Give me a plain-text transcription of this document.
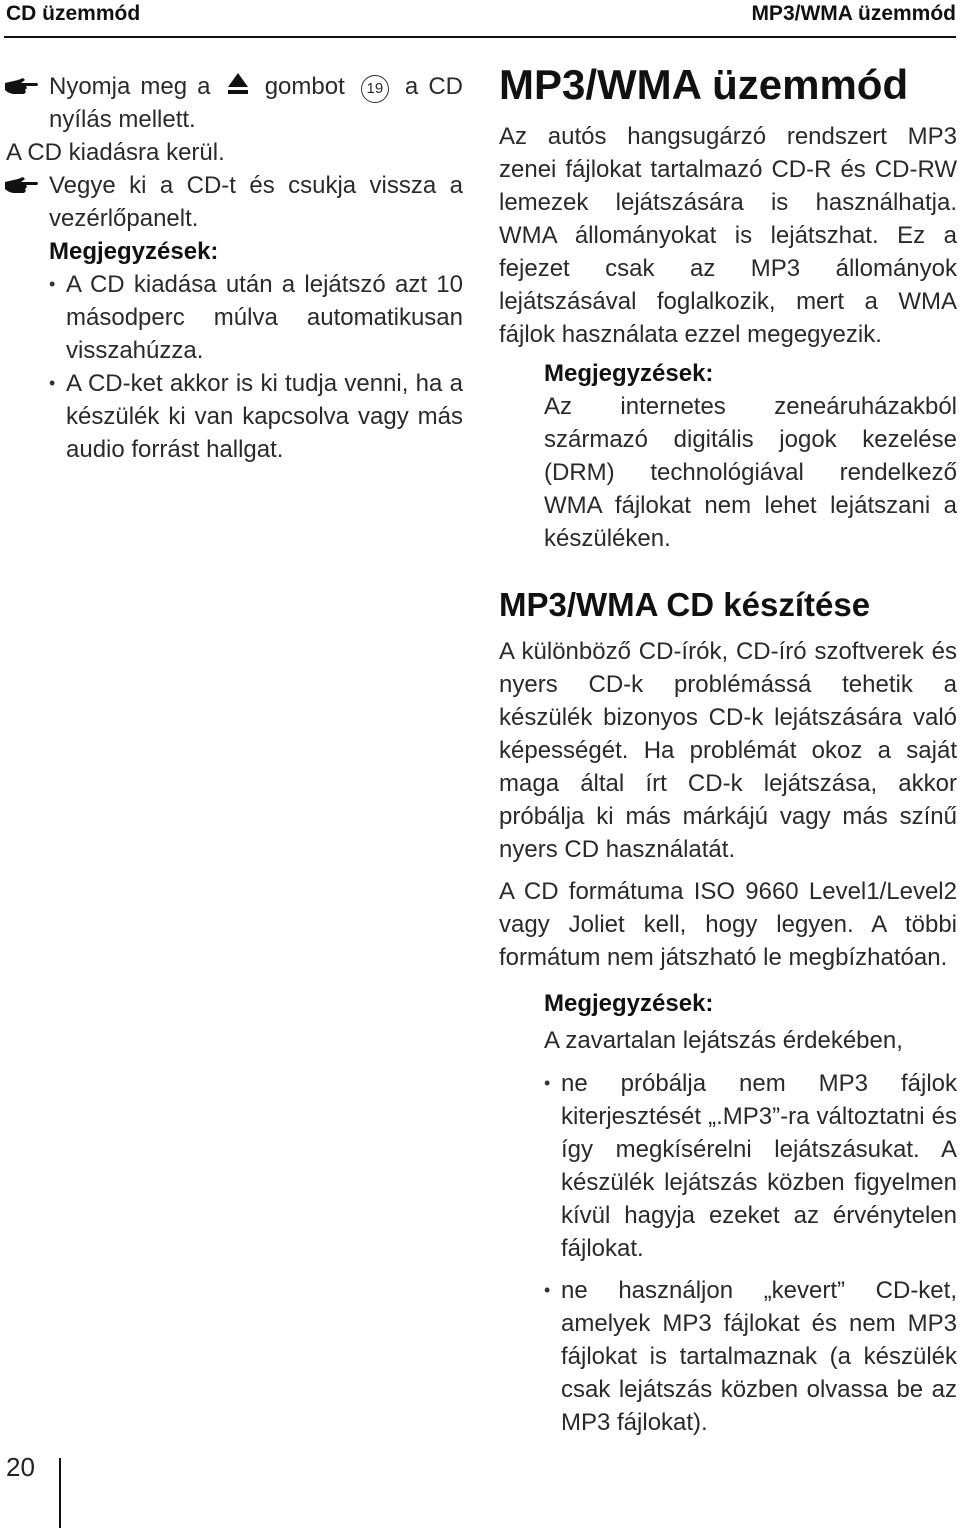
CD üzemmód	MP3/WMA üzemmód

Nyomja meg a gombot 19 a CD nyílás mellett.

A CD kiadásra kerül.

Vegye ki a CD-t és csukja vissza a vezérlőpanelt.

Megjegyzések:

• A CD kiadása után a lejátszó azt 10 másodperc múlva automatikusan visszahúzza.

• A CD-ket akkor is ki tudja venni, ha a készülék ki van kapcsolva vagy más audio forrást hallgat.

MP3/WMA üzemmód

Az autós hangsugárzó rendszert MP3 zenei fájlokat tartalmazó CD-R és CD-RW lemezek lejátszására is használhatja. WMA állományokat is lejátszhat. Ez a fejezet csak az MP3 állományok lejátszásával foglalkozik, mert a WMA fájlok használata ezzel megegyezik.

Megjegyzések:

Az internetes zeneáruházakból származó digitális jogok kezelése (DRM) technológiával rendelkező WMA fájlokat nem lehet lejátszani a készüléken.

MP3/WMA CD készítése

A különböző CD-írók, CD-író szoftverek és nyers CD-k problémássá tehetik a készülék bizonyos CD-k lejátszására való képességét. Ha problémát okoz a saját maga által írt CD-k lejátszása, akkor próbálja ki más márkájú vagy más színű nyers CD használatát.

A CD formátuma ISO 9660 Level1/Level2 vagy Joliet kell, hogy legyen. A többi formátum nem játszható le megbízhatóan.

Megjegyzések:

A zavartalan lejátszás érdekében,

• ne próbálja nem MP3 fájlok kiterjesztését „.MP3”-ra változtatni és így megkísérelni lejátszásukat. A készülék lejátszás közben figyelmen kívül hagyja ezeket az érvénytelen fájlokat.

• ne használjon „kevert” CD-ket, amelyek MP3 fájlokat és nem MP3 fájlokat is tartalmaznak (a készülék csak lejátszás közben olvassa be az MP3 fájlokat).

20
